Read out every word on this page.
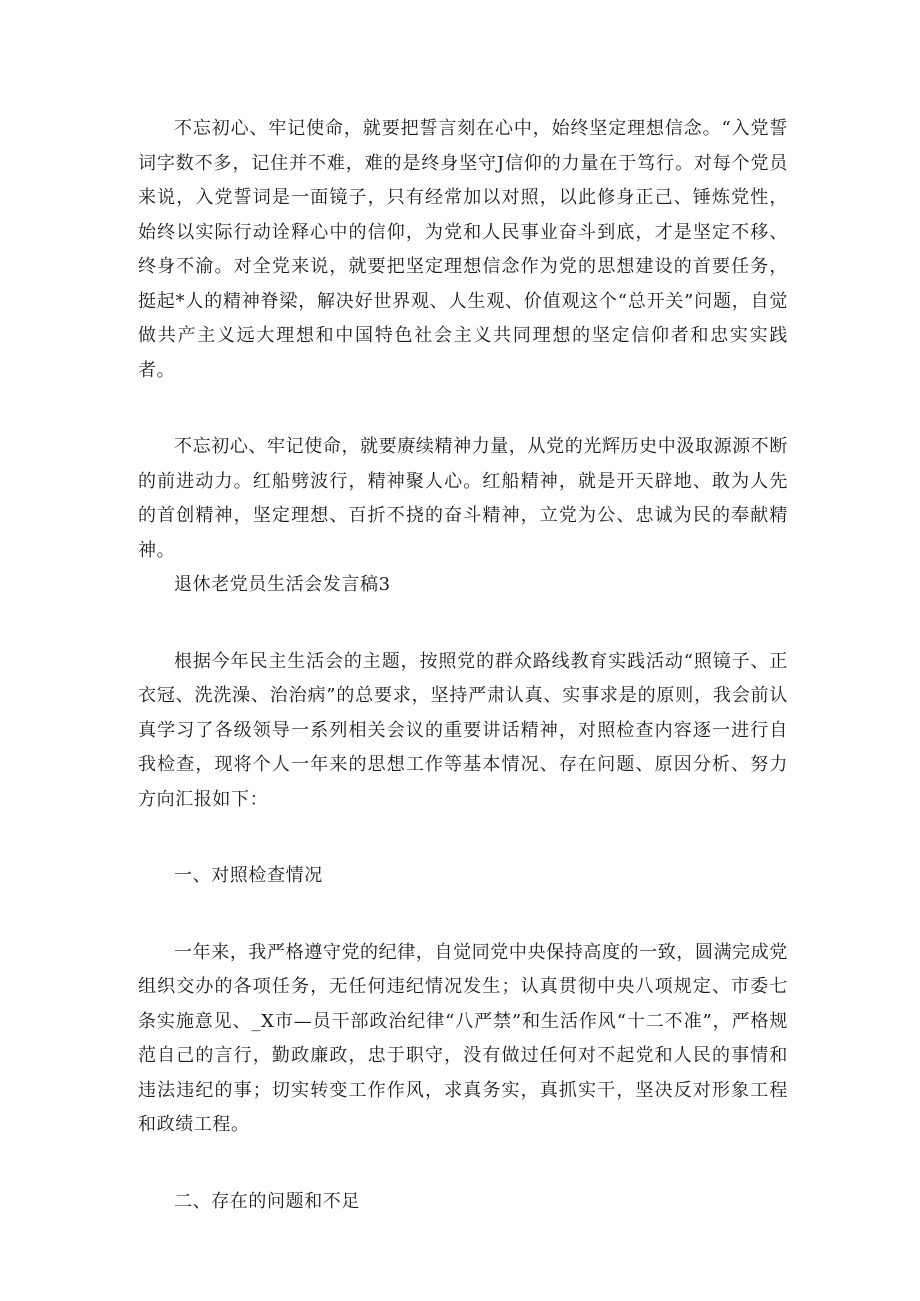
不忘初心、牢记使命，就要把誓言刻在心中，始终坚定理想信念。“入党誓词字数不多，记住并不难，难的是终身坚守J信仰的力量在于笃行。对每个党员来说，入党誓词是一面镜子，只有经常加以对照，以此修身正己、锤炼党性，始终以实际行动诠释心中的信仰，为党和人民事业奋斗到底，才是坚定不移、终身不渝。对全党来说，就要把坚定理想信念作为党的思想建设的首要任务，挺起*人的精神脊梁，解决好世界观、人生观、价值观这个“总开关”问题，自觉做共产主义远大理想和中国特色社会主义共同理想的坚定信仰者和忠实实践者。

不忘初心、牢记使命，就要赓续精神力量，从党的光辉历史中汲取源源不断的前进动力。红船劈波行，精神聚人心。红船精神，就是开天辟地、敢为人先的首创精神，坚定理想、百折不挠的奋斗精神，立党为公、忠诚为民的奉献精神。

退休老党员生活会发言稿3

根据今年民主生活会的主题，按照党的群众路线教育实践活动“照镜子、正衣冠、洗洗澡、治治病”的总要求，坚持严肃认真、实事求是的原则，我会前认真学习了各级领导一系列相关会议的重要讲话精神，对照检查内容逐一进行自我检查，现将个人一年来的思想工作等基本情况、存在问题、原因分析、努力方向汇报如下：

一、对照检查情况

一年来，我严格遵守党的纪律，自觉同党中央保持高度的一致，圆满完成党组织交办的各项任务，无任何违纪情况发生；认真贯彻中央八项规定、市委七条实施意见、_X市—员干部政治纪律“八严禁”和生活作风“十二不准”，严格规范自己的言行，勤政廉政，忠于职守，没有做过任何对不起党和人民的事情和违法违纪的事；切实转变工作作风，求真务实，真抓实干，坚决反对形象工程和政绩工程。

二、存在的问题和不足
